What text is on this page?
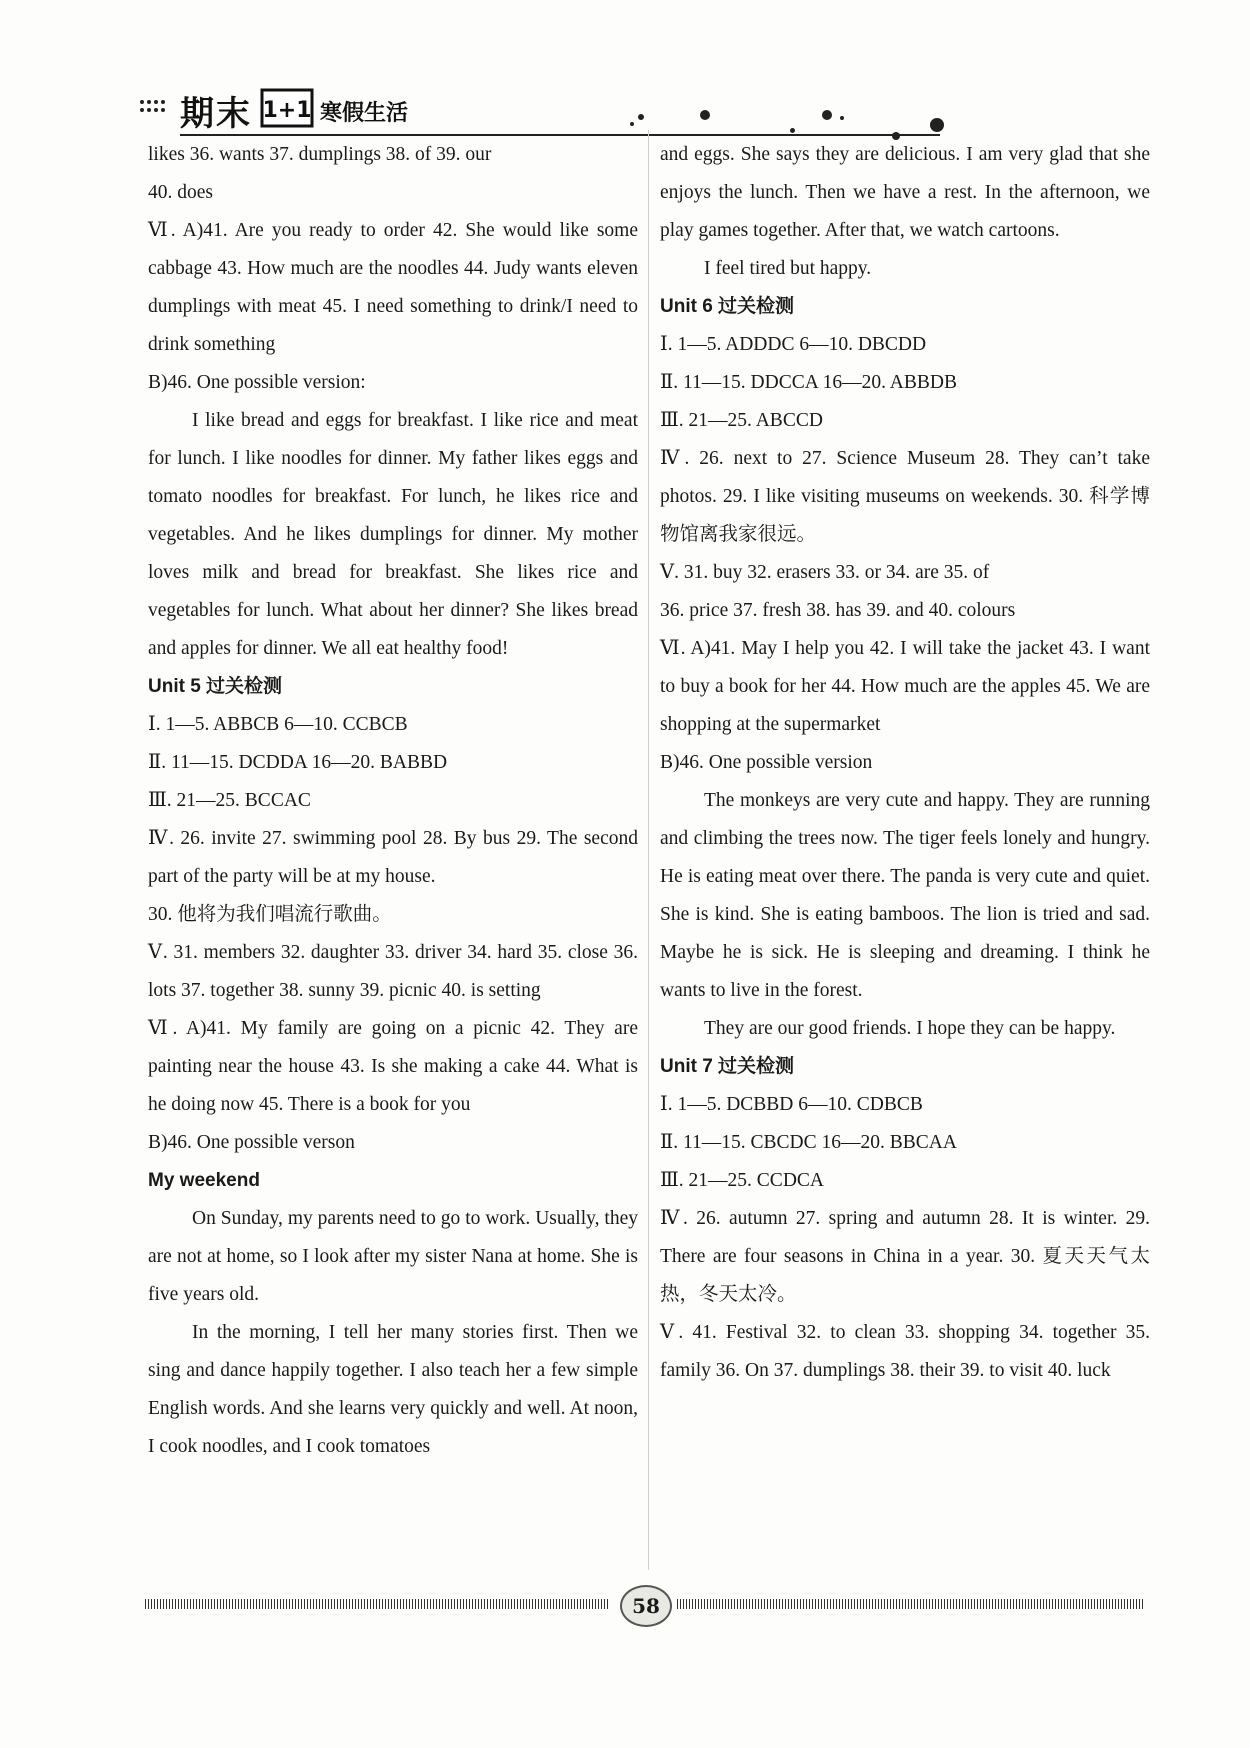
期末 1+1 寒假生活

likes 36. wants 37. dumplings 38. of 39. our

40. does

Ⅵ. A)41. Are you ready to order 42. She would like some cabbage 43. How much are the noodles 44. Judy wants eleven dumplings with meat 45. I need something to drink/I need to drink something

B)46. One possible version:

I like bread and eggs for breakfast. I like rice and meat for lunch. I like noodles for dinner. My father likes eggs and tomato noodles for breakfast. For lunch, he likes rice and vegetables. And he likes dumplings for dinner. My mother loves milk and bread for breakfast. She likes rice and vegetables for lunch. What about her dinner? She likes bread and apples for dinner. We all eat healthy food!

Unit 5 过关检测

Ⅰ. 1—5. ABBCB 6—10. CCBCB

Ⅱ. 11—15. DCDDA 16—20. BABBD

Ⅲ. 21—25. BCCAC

Ⅳ. 26. invite 27. swimming pool 28. By bus 29. The second part of the party will be at my house.

30. 他将为我们唱流行歌曲。

Ⅴ. 31. members 32. daughter 33. driver 34. hard 35. close 36. lots 37. together 38. sunny 39. picnic 40. is setting

Ⅵ. A)41. My family are going on a picnic 42. They are painting near the house 43. Is she making a cake 44. What is he doing now 45. There is a book for you

B)46. One possible verson

My weekend

On Sunday, my parents need to go to work. Usually, they are not at home, so I look after my sister Nana at home. She is five years old.

In the morning, I tell her many stories first. Then we sing and dance happily together. I also teach her a few simple English words. And she learns very quickly and well. At noon, I cook noodles, and I cook tomatoes

and eggs. She says they are delicious. I am very glad that she enjoys the lunch. Then we have a rest. In the afternoon, we play games together. After that, we watch cartoons.

I feel tired but happy.

Unit 6 过关检测

Ⅰ. 1—5. ADDDC 6—10. DBCDD

Ⅱ. 11—15. DDCCA 16—20. ABBDB

Ⅲ. 21—25. ABCCD

Ⅳ. 26. next to 27. Science Museum 28. They can’t take photos. 29. I like visiting museums on weekends. 30. 科学博物馆离我家很远。

Ⅴ. 31. buy 32. erasers 33. or 34. are 35. of

36. price 37. fresh 38. has 39. and 40. colours

Ⅵ. A)41. May I help you 42. I will take the jacket 43. I want to buy a book for her 44. How much are the apples 45. We are shopping at the supermarket

B)46. One possible version

The monkeys are very cute and happy. They are running and climbing the trees now. The tiger feels lonely and hungry. He is eating meat over there. The panda is very cute and quiet. She is kind. She is eating bamboos. The lion is tried and sad. Maybe he is sick. He is sleeping and dreaming. I think he wants to live in the forest.

They are our good friends. I hope they can be happy.

Unit 7 过关检测

Ⅰ. 1—5. DCBBD 6—10. CDBCB

Ⅱ. 11—15. CBCDC 16—20. BBCAA

Ⅲ. 21—25. CCDCA

Ⅳ. 26. autumn 27. spring and autumn 28. It is winter. 29. There are four seasons in China in a year. 30. 夏天天气太热，冬天太冷。

Ⅴ. 41. Festival 32. to clean 33. shopping 34. together 35. family 36. On 37. dumplings 38. their 39. to visit 40. luck

58
